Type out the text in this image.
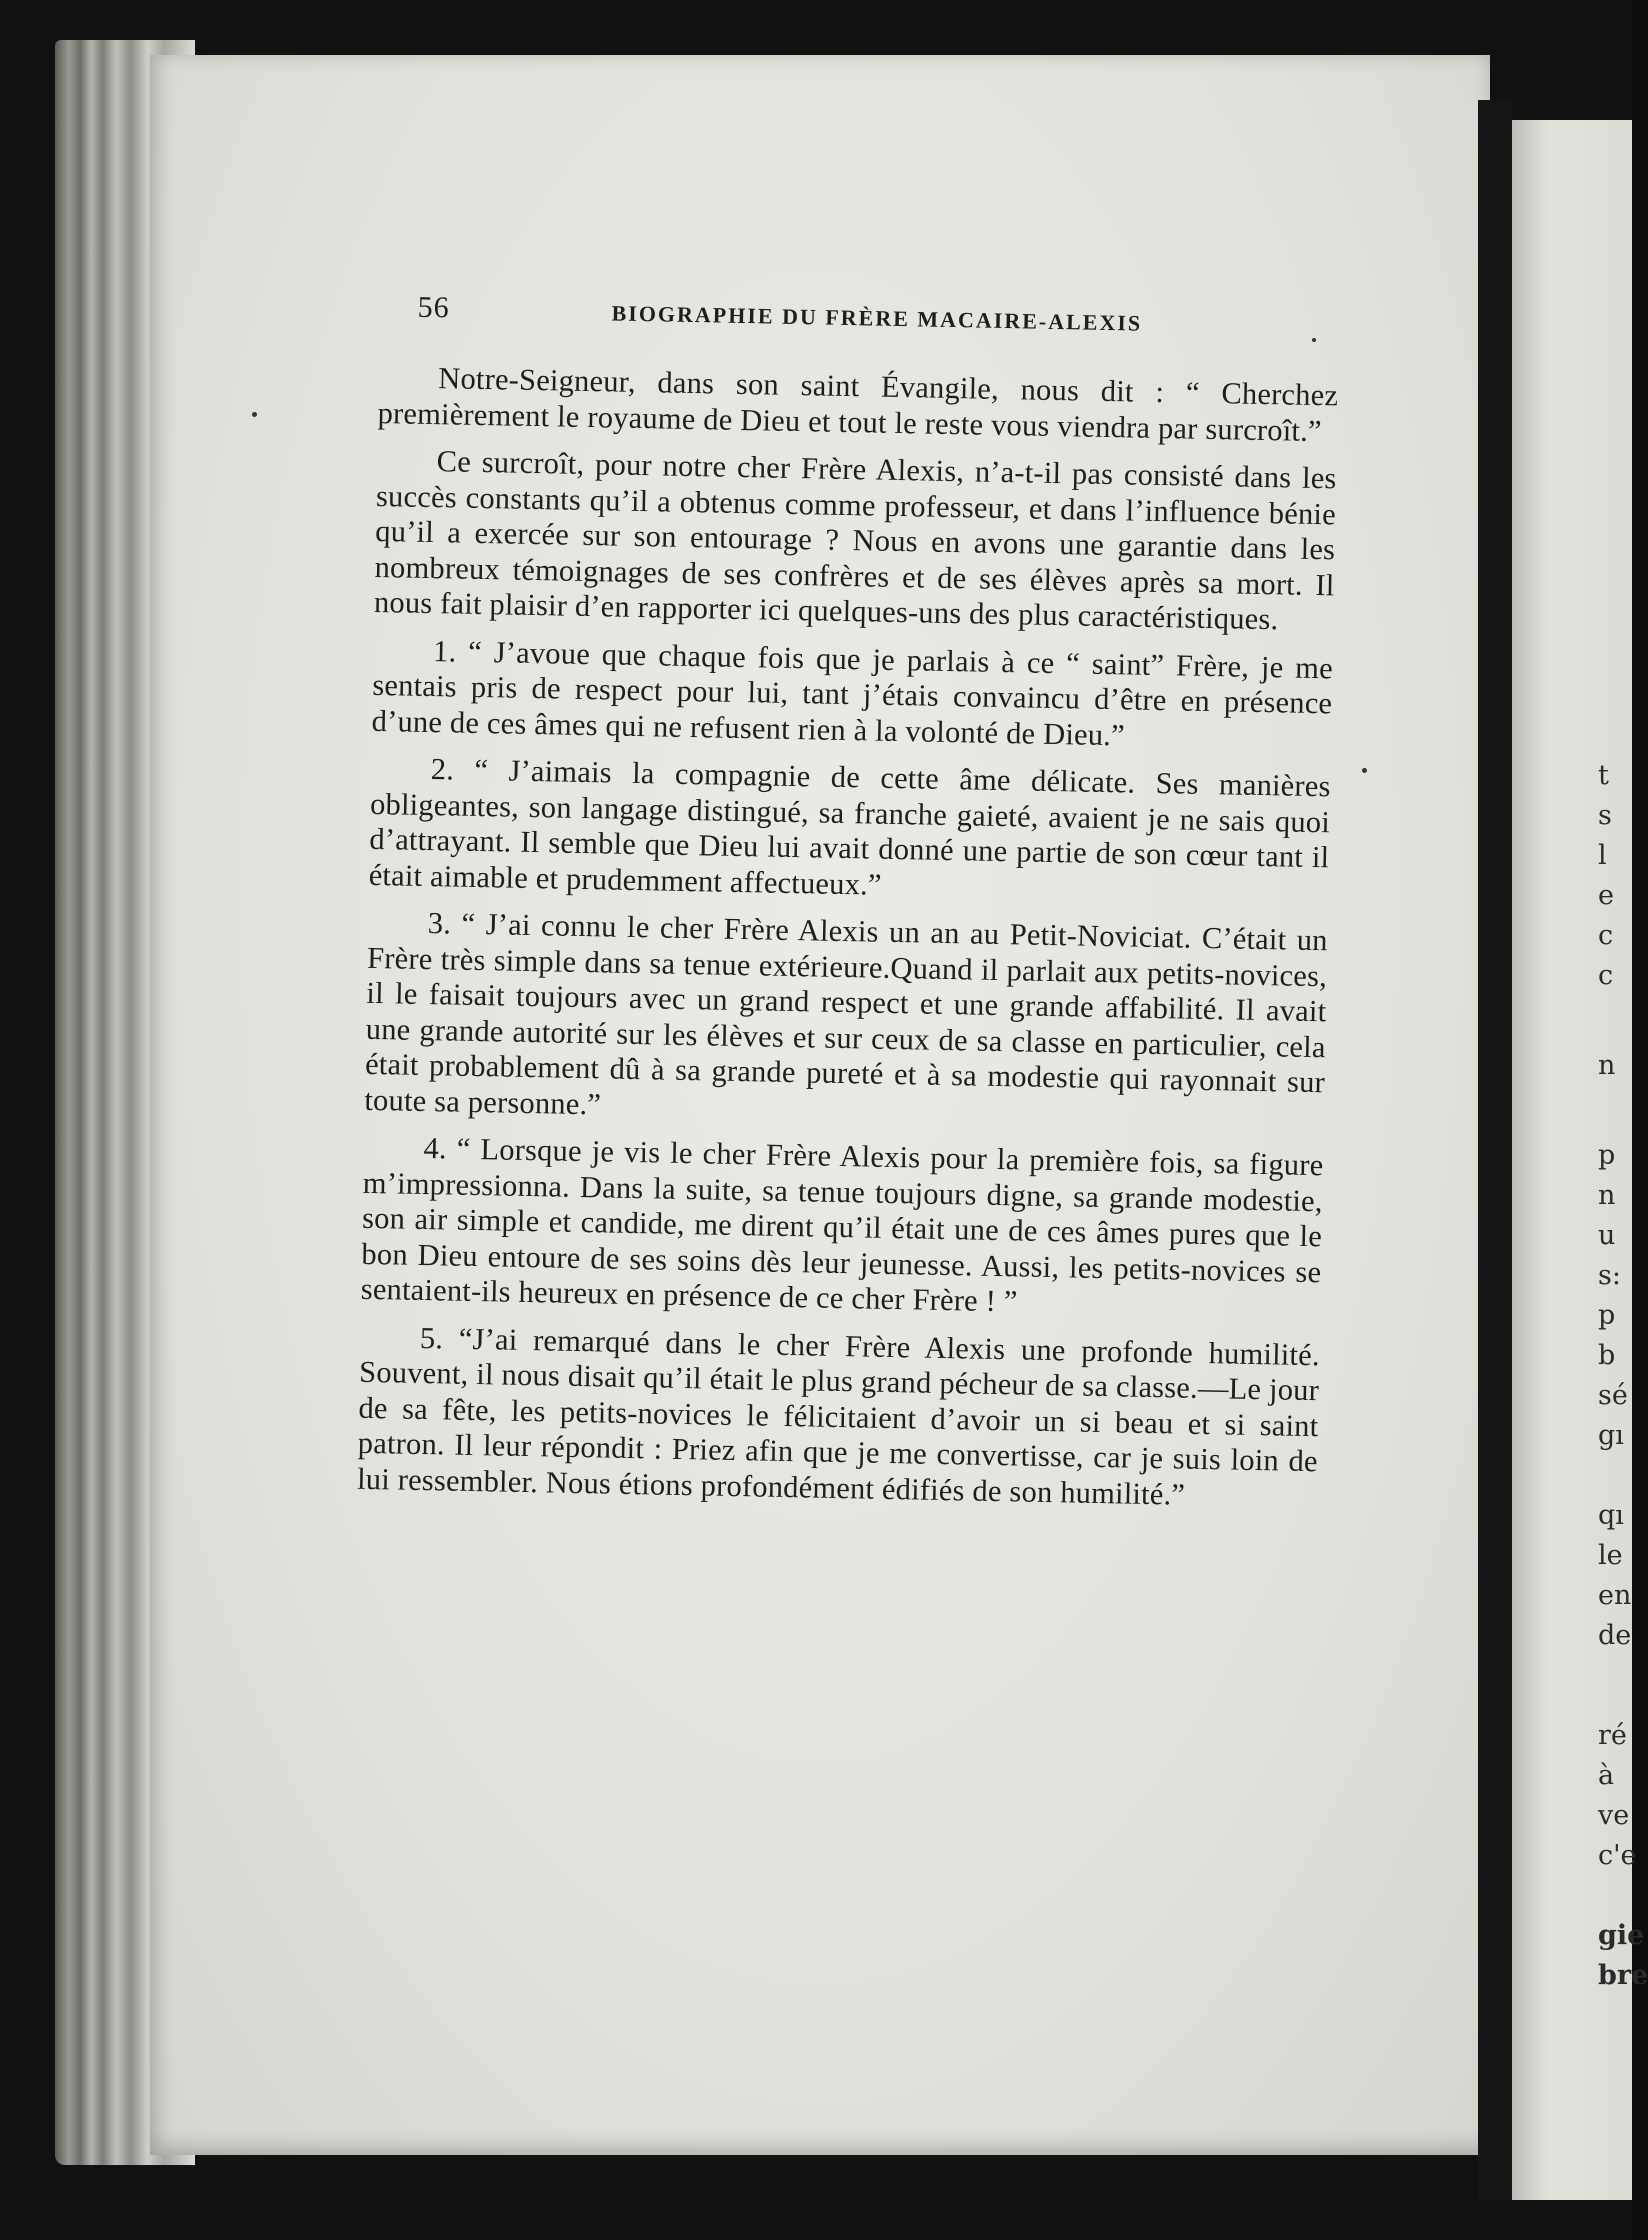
t
s
l
e
c
c
n
p
n
u
s:
p
b
sé
gı
qı
le
en
de
ré
à
ve
c'e
gie
bre
56	BIOGRAPHIE DU FRÈRE MACAIRE-ALEXIS

Notre-Seigneur, dans son saint Évangile, nous dit : “ Cherchez premièrement le royaume de Dieu et tout le reste vous viendra par surcroît.”

Ce surcroît, pour notre cher Frère Alexis, n’a-t-il pas consisté dans les succès constants qu’il a obtenus comme professeur, et dans l’influence bénie qu’il a exercée sur son entourage ? Nous en avons une garantie dans les nombreux témoignages de ses confrères et de ses élèves après sa mort. Il nous fait plaisir d’en rapporter ici quelques-uns des plus caractéristiques.

1. “ J’avoue que chaque fois que je parlais à ce “ saint” Frère, je me sentais pris de respect pour lui, tant j’étais convaincu d’être en présence d’une de ces âmes qui ne refusent rien à la volonté de Dieu.”

2. “ J’aimais la compagnie de cette âme délicate. Ses manières obligeantes, son langage distingué, sa franche gaieté, avaient je ne sais quoi d’attrayant. Il semble que Dieu lui avait donné une partie de son cœur tant il était aimable et prudemment affectueux.”

3. “ J’ai connu le cher Frère Alexis un an au Petit-Noviciat. C’était un Frère très simple dans sa tenue extérieure.Quand il parlait aux petits-novices, il le faisait toujours avec un grand respect et une grande affabilité. Il avait une grande autorité sur les élèves et sur ceux de sa classe en particulier, cela était probablement dû à sa grande pureté et à sa modestie qui rayonnait sur toute sa personne.”

4. “ Lorsque je vis le cher Frère Alexis pour la première fois, sa figure m’impressionna. Dans la suite, sa tenue toujours digne, sa grande modestie, son air simple et candide, me dirent qu’il était une de ces âmes pures que le bon Dieu entoure de ses soins dès leur jeunesse. Aussi, les petits-novices se sentaient-ils heureux en présence de ce cher Frère ! ”

5. “J’ai remarqué dans le cher Frère Alexis une profonde humilité. Souvent, il nous disait qu’il était le plus grand pécheur de sa classe.—Le jour de sa fête, les petits-novices le félicitaient d’avoir un si beau et si saint patron. Il leur répondit : Priez afin que je me convertisse, car je suis loin de lui ressembler. Nous étions profondément édifiés de son humilité.”
